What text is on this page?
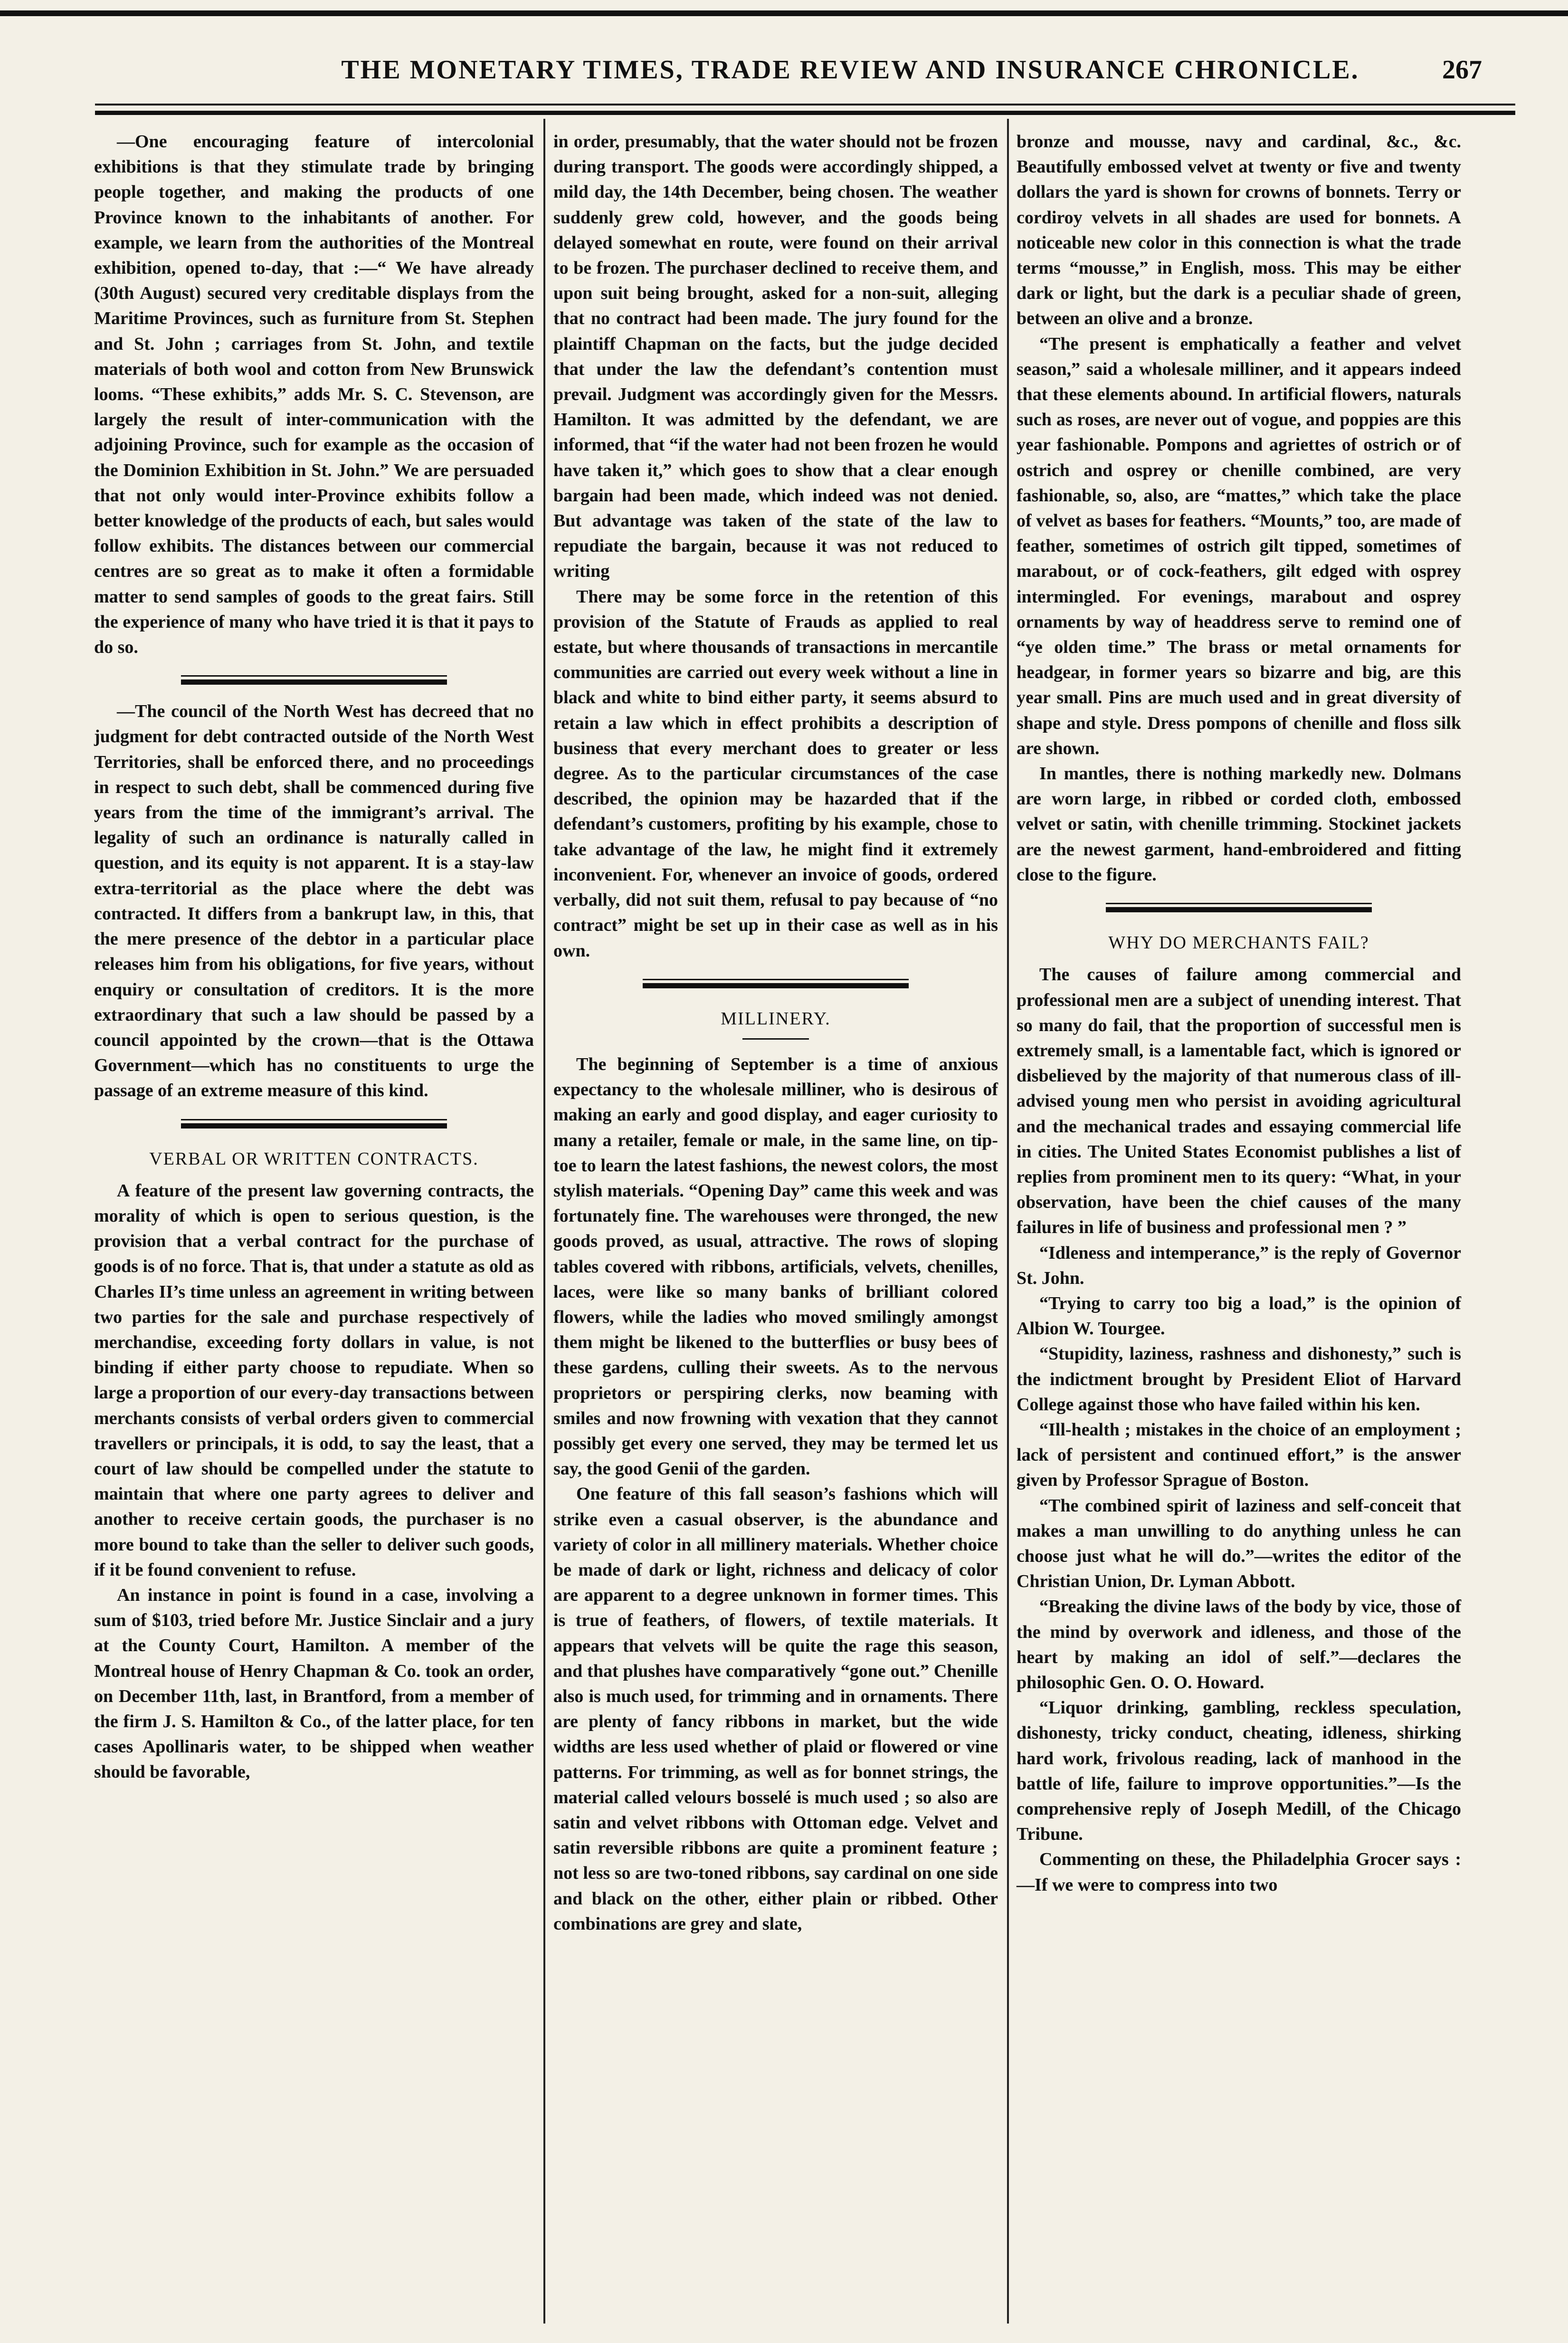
THE MONETARY TIMES, TRADE REVIEW AND INSURANCE CHRONICLE.	267

—One encouraging feature of intercolonial exhibitions is that they stimulate trade by bringing people together, and making the products of one Province known to the inhabitants of another. For example, we learn from the authorities of the Montreal exhibition, opened to-day, that :—“ We have already (30th August) secured very creditable displays from the Maritime Provinces, such as furniture from St. Stephen and St. John ; carriages from St. John, and textile materials of both wool and cotton from New Brunswick looms. “These exhibits,” adds Mr. S. C. Stevenson, are largely the result of inter-communication with the adjoining Province, such for example as the occasion of the Dominion Exhibition in St. John.” We are persuaded that not only would inter-Province exhibits follow a better knowledge of the products of each, but sales would follow exhibits. The distances between our commercial centres are so great as to make it often a formidable matter to send samples of goods to the great fairs. Still the experience of many who have tried it is that it pays to do so.

—The council of the North West has decreed that no judgment for debt contracted outside of the North West Territories, shall be enforced there, and no proceedings in respect to such debt, shall be commenced during five years from the time of the immigrant’s arrival. The legality of such an ordinance is naturally called in question, and its equity is not apparent. It is a stay-law extra-territorial as the place where the debt was contracted. It differs from a bankrupt law, in this, that the mere presence of the debtor in a particular place releases him from his obligations, for five years, without enquiry or consultation of creditors. It is the more extraordinary that such a law should be passed by a council appointed by the crown—that is the Ottawa Government—which has no constituents to urge the passage of an extreme measure of this kind.

VERBAL OR WRITTEN CONTRACTS.

A feature of the present law governing contracts, the morality of which is open to serious question, is the provision that a verbal contract for the purchase of goods is of no force. That is, that under a statute as old as Charles II’s time unless an agreement in writing between two parties for the sale and purchase respectively of merchandise, exceeding forty dollars in value, is not binding if either party choose to repudiate. When so large a proportion of our every-day transactions between merchants consists of verbal orders given to commercial travellers or principals, it is odd, to say the least, that a court of law should be compelled under the statute to maintain that where one party agrees to deliver and another to receive certain goods, the purchaser is no more bound to take than the seller to deliver such goods, if it be found convenient to refuse.

An instance in point is found in a case, involving a sum of $103, tried before Mr. Justice Sinclair and a jury at the County Court, Hamilton. A member of the Montreal house of Henry Chapman & Co. took an order, on December 11th, last, in Brantford, from a member of the firm J. S. Hamilton & Co., of the latter place, for ten cases Apollinaris water, to be shipped when weather should be favorable,

in order, presumably, that the water should not be frozen during transport. The goods were accordingly shipped, a mild day, the 14th December, being chosen. The weather suddenly grew cold, however, and the goods being delayed somewhat en route, were found on their arrival to be frozen. The purchaser declined to receive them, and upon suit being brought, asked for a non-suit, alleging that no contract had been made. The jury found for the plaintiff Chapman on the facts, but the judge decided that under the law the defendant’s contention must prevail. Judgment was accordingly given for the Messrs. Hamilton. It was admitted by the defendant, we are informed, that “if the water had not been frozen he would have taken it,” which goes to show that a clear enough bargain had been made, which indeed was not denied. But advantage was taken of the state of the law to repudiate the bargain, because it was not reduced to writing

There may be some force in the retention of this provision of the Statute of Frauds as applied to real estate, but where thousands of transactions in mercantile communities are carried out every week without a line in black and white to bind either party, it seems absurd to retain a law which in effect prohibits a description of business that every merchant does to greater or less degree. As to the particular circumstances of the case described, the opinion may be hazarded that if the defendant’s customers, profiting by his example, chose to take advantage of the law, he might find it extremely inconvenient. For, whenever an invoice of goods, ordered verbally, did not suit them, refusal to pay because of “no contract” might be set up in their case as well as in his own.

MILLINERY.

The beginning of September is a time of anxious expectancy to the wholesale milliner, who is desirous of making an early and good display, and eager curiosity to many a retailer, female or male, in the same line, on tip-toe to learn the latest fashions, the newest colors, the most stylish materials. “Opening Day” came this week and was fortunately fine. The warehouses were thronged, the new goods proved, as usual, attractive. The rows of sloping tables covered with ribbons, artificials, velvets, chenilles, laces, were like so many banks of brilliant colored flowers, while the ladies who moved smilingly amongst them might be likened to the butterflies or busy bees of these gardens, culling their sweets. As to the nervous proprietors or perspiring clerks, now beaming with smiles and now frowning with vexation that they cannot possibly get every one served, they may be termed let us say, the good Genii of the garden.

One feature of this fall season’s fashions which will strike even a casual observer, is the abundance and variety of color in all millinery materials. Whether choice be made of dark or light, richness and delicacy of color are apparent to a degree unknown in former times. This is true of feathers, of flowers, of textile materials. It appears that velvets will be quite the rage this season, and that plushes have comparatively “gone out.” Chenille also is much used, for trimming and in ornaments. There are plenty of fancy ribbons in market, but the wide widths are less used whether of plaid or flowered or vine patterns. For trimming, as well as for bonnet strings, the material called velours bosselé is much used ; so also are satin and velvet ribbons with Ottoman edge. Velvet and satin reversible ribbons are quite a prominent feature ; not less so are two-toned ribbons, say cardinal on one side and black on the other, either plain or ribbed. Other combinations are grey and slate,

bronze and mousse, navy and cardinal, &c., &c. Beautifully embossed velvet at twenty or five and twenty dollars the yard is shown for crowns of bonnets. Terry or cordiroy velvets in all shades are used for bonnets. A noticeable new color in this connection is what the trade terms “mousse,” in English, moss. This may be either dark or light, but the dark is a peculiar shade of green, between an olive and a bronze.

“The present is emphatically a feather and velvet season,” said a wholesale milliner, and it appears indeed that these elements abound. In artificial flowers, naturals such as roses, are never out of vogue, and poppies are this year fashionable. Pompons and agriettes of ostrich or of ostrich and osprey or chenille combined, are very fashionable, so, also, are “mattes,” which take the place of velvet as bases for feathers. “Mounts,” too, are made of feather, sometimes of ostrich gilt tipped, sometimes of marabout, or of cock-feathers, gilt edged with osprey intermingled. For evenings, marabout and osprey ornaments by way of headdress serve to remind one of “ye olden time.” The brass or metal ornaments for headgear, in former years so bizarre and big, are this year small. Pins are much used and in great diversity of shape and style. Dress pompons of chenille and floss silk are shown.

In mantles, there is nothing markedly new. Dolmans are worn large, in ribbed or corded cloth, embossed velvet or satin, with chenille trimming. Stockinet jackets are the newest garment, hand-embroidered and fitting close to the figure.

WHY DO MERCHANTS FAIL?

The causes of failure among commercial and professional men are a subject of unending interest. That so many do fail, that the proportion of successful men is extremely small, is a lamentable fact, which is ignored or disbelieved by the majority of that numerous class of ill-advised young men who persist in avoiding agricultural and the mechanical trades and essaying commercial life in cities. The United States Economist publishes a list of replies from prominent men to its query: “What, in your observation, have been the chief causes of the many failures in life of business and professional men ? ”

“Idleness and intemperance,” is the reply of Governor St. John.

“Trying to carry too big a load,” is the opinion of Albion W. Tourgee.

“Stupidity, laziness, rashness and dishonesty,” such is the indictment brought by President Eliot of Harvard College against those who have failed within his ken.

“Ill-health ; mistakes in the choice of an employment ; lack of persistent and continued effort,” is the answer given by Professor Sprague of Boston.

“The combined spirit of laziness and self-conceit that makes a man unwilling to do anything unless he can choose just what he will do.”—writes the editor of the Christian Union, Dr. Lyman Abbott.

“Breaking the divine laws of the body by vice, those of the mind by overwork and idleness, and those of the heart by making an idol of self.”—declares the philosophic Gen. O. O. Howard.

“Liquor drinking, gambling, reckless speculation, dishonesty, tricky conduct, cheating, idleness, shirking hard work, frivolous reading, lack of manhood in the battle of life, failure to improve opportunities.”—Is the comprehensive reply of Joseph Medill, of the Chicago Tribune.

Commenting on these, the Philadelphia Grocer says :—If we were to compress into two
